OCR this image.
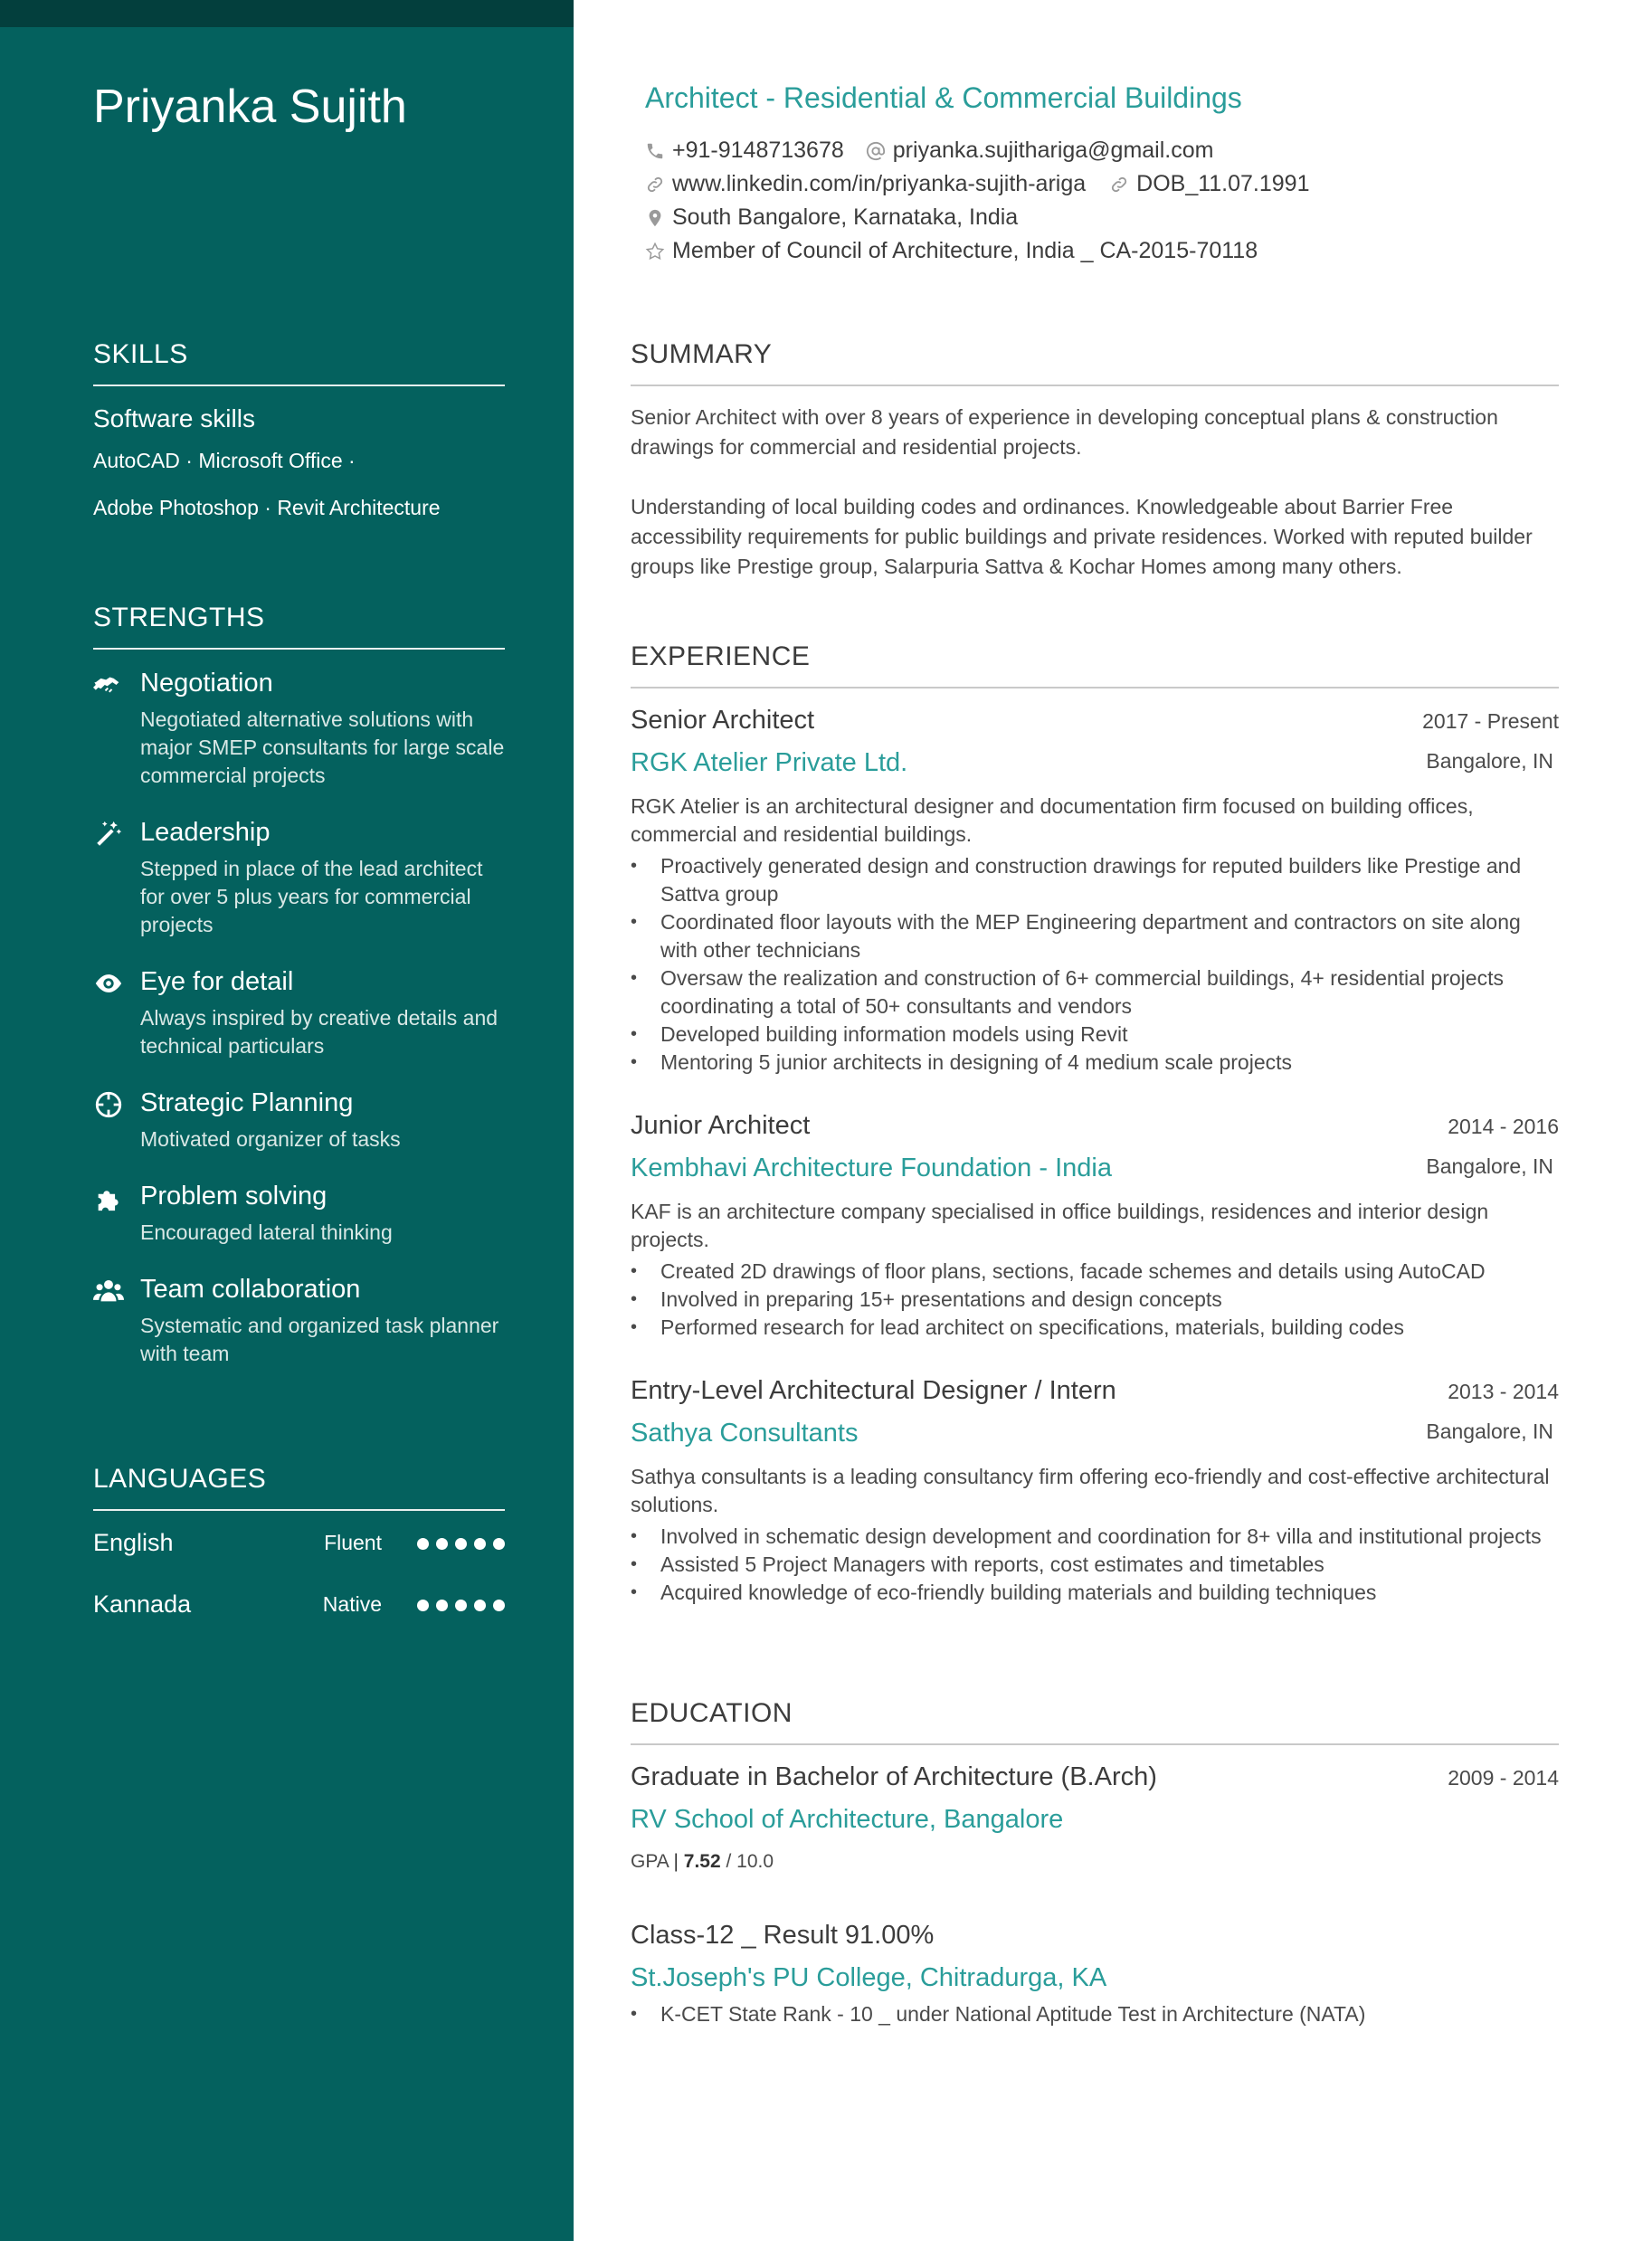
Priyanka Sujith
SKILLS
Software skills
AutoCAD · Microsoft Office ·
Adobe Photoshop · Revit Architecture
STRENGTHS
Negotiation
Negotiated alternative solutions with major SMEP consultants for large scale commercial projects
Leadership
Stepped in place of the lead architect for over 5 plus years for commercial projects
Eye for detail
Always inspired by creative details and technical particulars
Strategic Planning
Motivated organizer of tasks
Problem solving
Encouraged lateral thinking
Team collaboration
Systematic and organized task planner with team
LANGUAGES
English	Fluent
Kannada	Native
Architect - Residential & Commercial Buildings
+91-9148713678 priyanka.sujithariga@gmail.com
www.linkedin.com/in/priyanka-sujith-ariga DOB_11.07.1991
South Bangalore, Karnataka, India
Member of Council of Architecture, India _ CA-2015-70118
SUMMARY
Senior Architect with over 8 years of experience in developing conceptual plans & construction drawings for commercial and residential projects.
Understanding of local building codes and ordinances. Knowledgeable about Barrier Free accessibility requirements for public buildings and private residences. Worked with reputed builder groups like Prestige group, Salarpuria Sattva & Kochar Homes among many others.
EXPERIENCE
Senior Architect	2017 - Present
RGK Atelier Private Ltd.	Bangalore, IN
RGK Atelier is an architectural designer and documentation firm focused on building offices, commercial and residential buildings.
• Proactively generated design and construction drawings for reputed builders like Prestige and Sattva group
• Coordinated floor layouts with the MEP Engineering department and contractors on site along with other technicians
• Oversaw the realization and construction of 6+ commercial buildings, 4+ residential projects coordinating a total of 50+ consultants and vendors
• Developed building information models using Revit
• Mentoring 5 junior architects in designing of 4 medium scale projects
Junior Architect	2014 - 2016
Kembhavi Architecture Foundation - India	Bangalore, IN
KAF is an architecture company specialised in office buildings, residences and interior design projects.
• Created 2D drawings of floor plans, sections, facade schemes and details using AutoCAD
• Involved in preparing 15+ presentations and design concepts
• Performed research for lead architect on specifications, materials, building codes
Entry-Level Architectural Designer / Intern	2013 - 2014
Sathya Consultants	Bangalore, IN
Sathya consultants is a leading consultancy firm offering eco-friendly and cost-effective architectural solutions.
• Involved in schematic design development and coordination for 8+ villa and institutional projects
• Assisted 5 Project Managers with reports, cost estimates and timetables
• Acquired knowledge of eco-friendly building materials and building techniques
EDUCATION
Graduate in Bachelor of Architecture (B.Arch)	2009 - 2014
RV School of Architecture, Bangalore
GPA | 7.52 / 10.0
Class-12 _ Result 91.00%
St.Joseph's PU College, Chitradurga, KA
• K-CET State Rank - 10 _ under National Aptitude Test in Architecture (NATA)
